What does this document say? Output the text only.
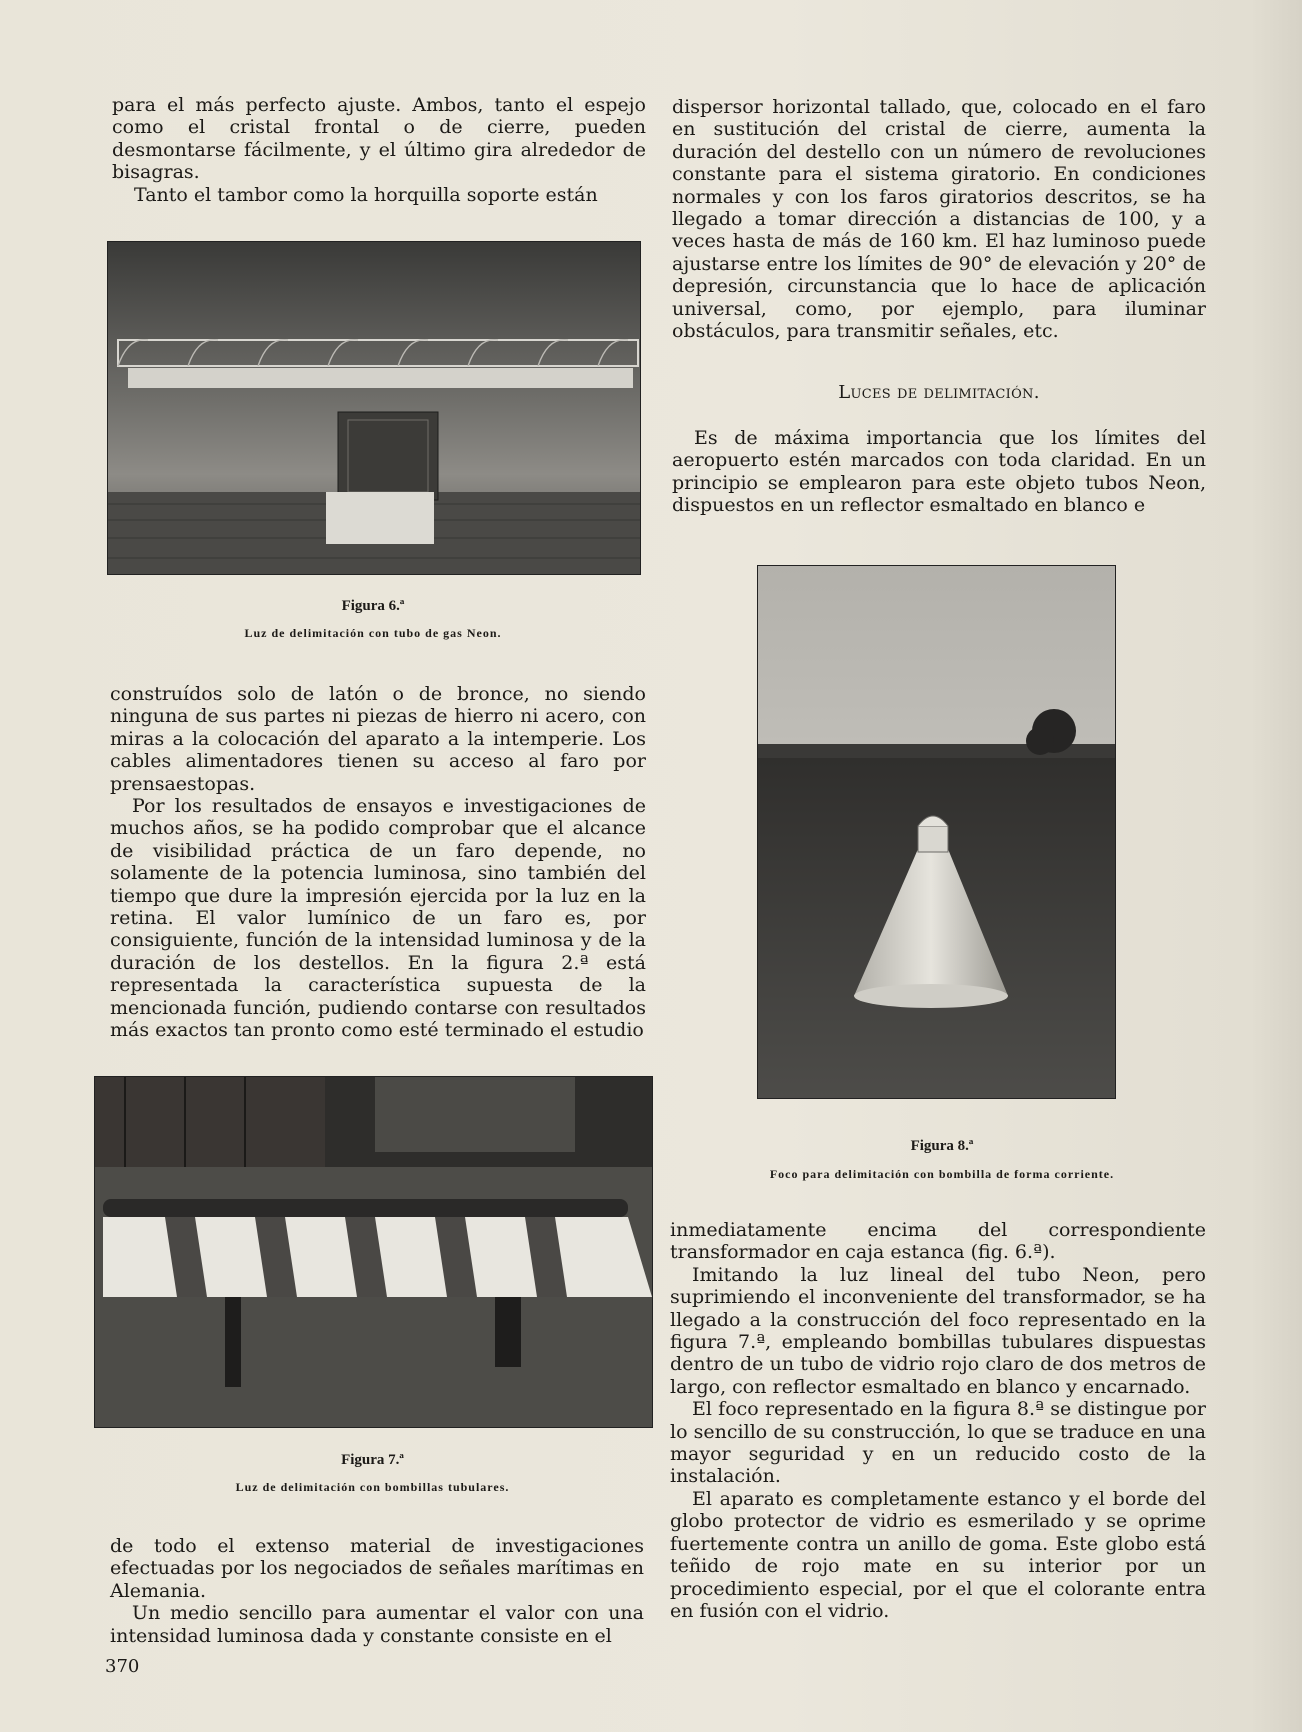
para el más perfecto ajuste. Ambos, tanto el espejo como el cristal frontal o de cierre, pueden desmontarse fácilmente, y el último gira alrededor de bisagras.

Tanto el tambor como la horquilla soporte están

Figura 6.ª
Luz de delimitación con tubo de gas Neon.

construídos solo de latón o de bronce, no siendo ninguna de sus partes ni piezas de hierro ni acero, con miras a la colocación del aparato a la intemperie. Los cables alimentadores tienen su acceso al faro por prensaestopas.

Por los resultados de ensayos e investigaciones de muchos años, se ha podido comprobar que el alcance de visibilidad práctica de un faro depende, no solamente de la potencia luminosa, sino también del tiempo que dure la impresión ejercida por la luz en la retina. El valor lumínico de un faro es, por consiguiente, función de la intensidad luminosa y de la duración de los destellos. En la figura 2.ª está representada la característica supuesta de la mencionada función, pudiendo contarse con resultados más exactos tan pronto como esté terminado el estudio

Figura 7.ª
Luz de delimitación con bombillas tubulares.

de todo el extenso material de investigaciones efectuadas por los negociados de señales marítimas en Alemania.

Un medio sencillo para aumentar el valor con una intensidad luminosa dada y constante consiste en el

370

dispersor horizontal tallado, que, colocado en el faro en sustitución del cristal de cierre, aumenta la duración del destello con un número de revoluciones constante para el sistema giratorio. En condiciones normales y con los faros giratorios descritos, se ha llegado a tomar dirección a distancias de 100, y a veces hasta de más de 160 km. El haz luminoso puede ajustarse entre los límites de 90° de elevación y 20° de depresión, circunstancia que lo hace de aplicación universal, como, por ejemplo, para iluminar obstáculos, para transmitir señales, etc.

Luces de delimitación.

Es de máxima importancia que los límites del aeropuerto estén marcados con toda claridad. En un principio se emplearon para este objeto tubos Neon, dispuestos en un reflector esmaltado en blanco e

Figura 8.ª
Foco para delimitación con bombilla de forma corriente.

inmediatamente encima del correspondiente transformador en caja estanca (fig. 6.ª).

Imitando la luz lineal del tubo Neon, pero suprimiendo el inconveniente del transformador, se ha llegado a la construcción del foco representado en la figura 7.ª, empleando bombillas tubulares dispuestas dentro de un tubo de vidrio rojo claro de dos metros de largo, con reflector esmaltado en blanco y encarnado.

El foco representado en la figura 8.ª se distingue por lo sencillo de su construcción, lo que se traduce en una mayor seguridad y en un reducido costo de la instalación.

El aparato es completamente estanco y el borde del globo protector de vidrio es esmerilado y se oprime fuertemente contra un anillo de goma. Este globo está teñido de rojo mate en su interior por un procedimiento especial, por el que el colorante entra en fusión con el vidrio.
